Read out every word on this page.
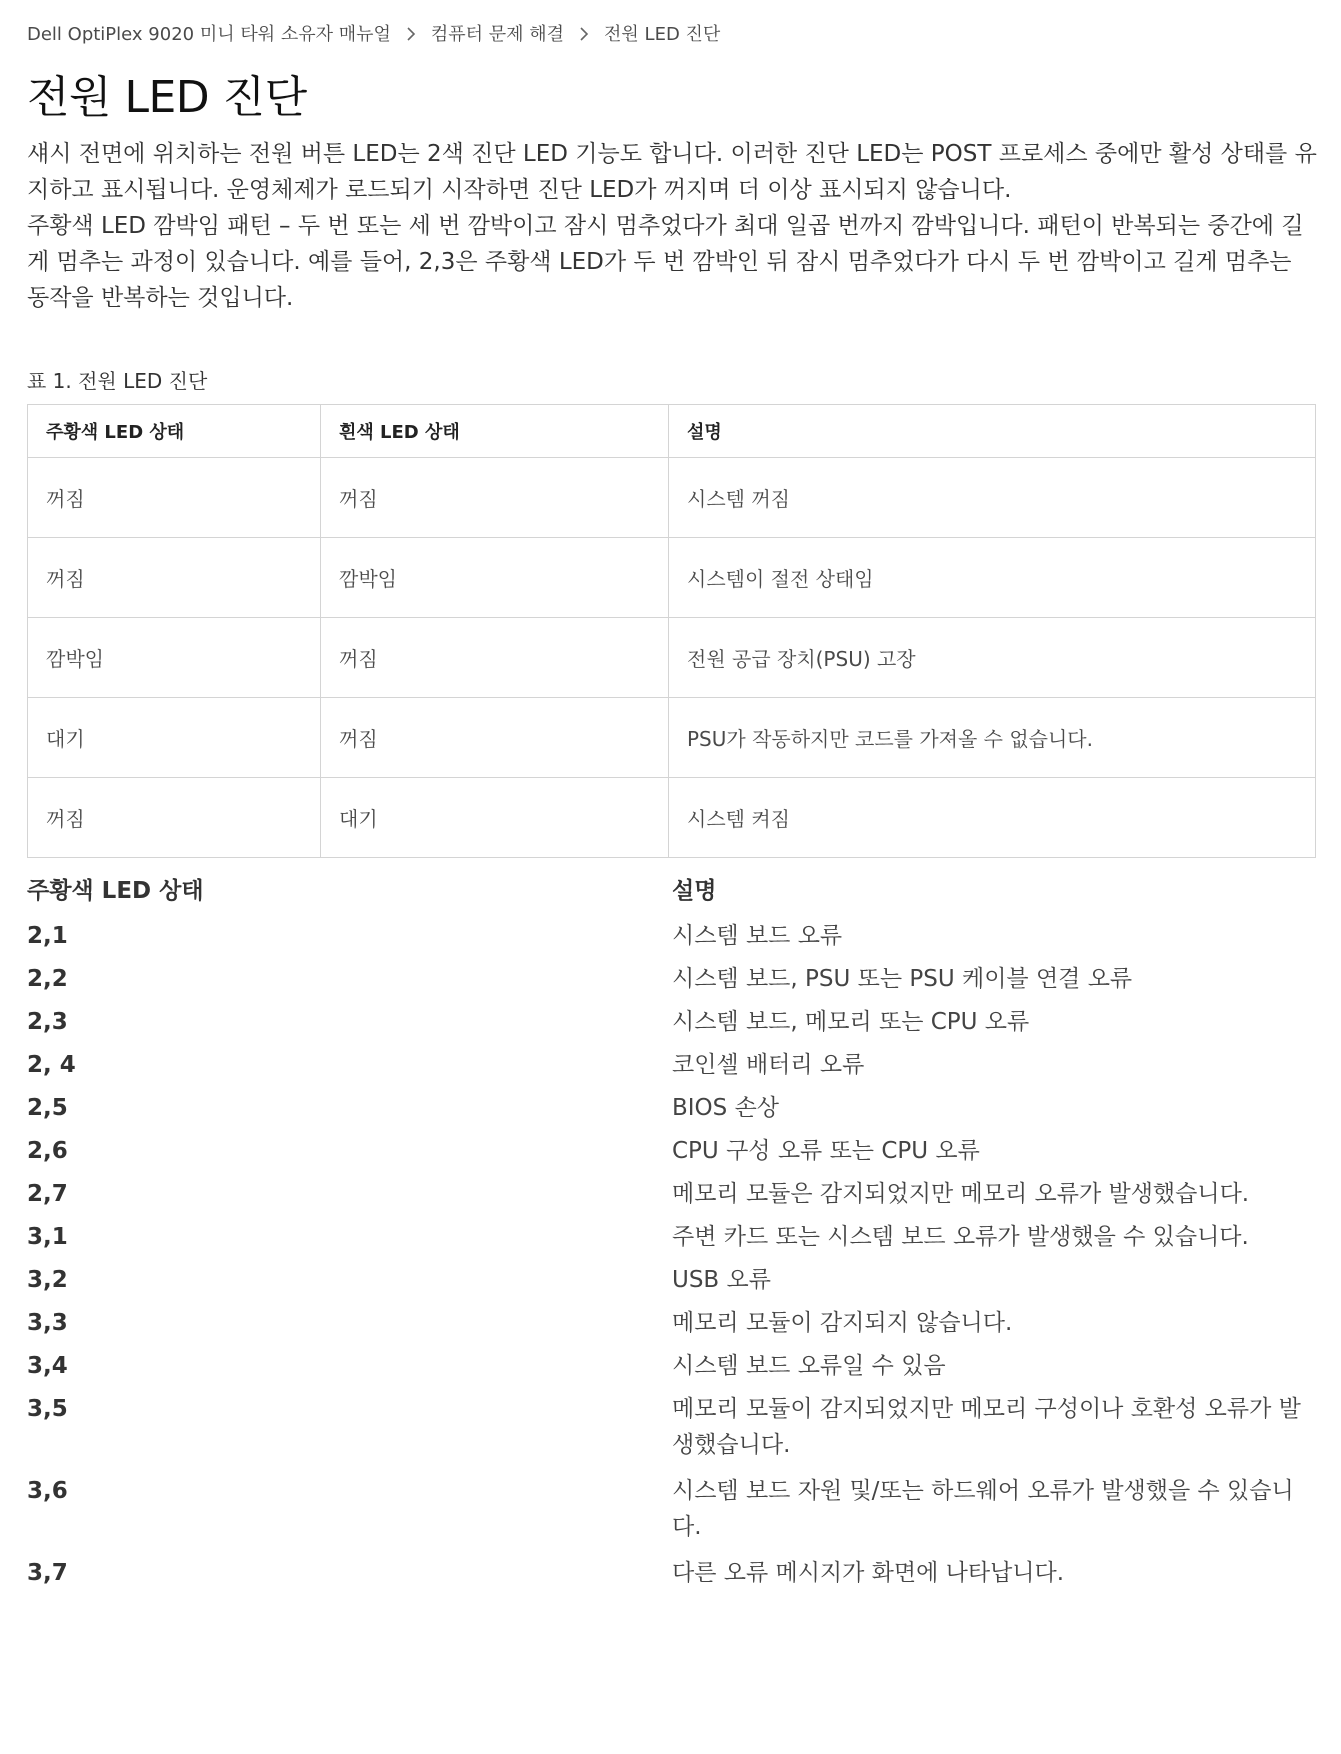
Dell OptiPlex 9020 미니 타워 소유자 매뉴얼 컴퓨터 문제 해결 전원 LED 진단
전원 LED 진단

섀시 전면에 위치하는 전원 버튼 LED는 2색 진단 LED 기능도 합니다. 이러한 진단 LED는 POST 프로세스 중에만 활성 상태를 유지하고 표시됩니다. 운영체제가 로드되기 시작하면 진단 LED가 꺼지며 더 이상 표시되지 않습니다.

주황색 LED 깜박임 패턴 – 두 번 또는 세 번 깜박이고 잠시 멈추었다가 최대 일곱 번까지 깜박입니다. 패턴이 반복되는 중간에 길게 멈추는 과정이 있습니다. 예를 들어, 2,3은 주황색 LED가 두 번 깜박인 뒤 잠시 멈추었다가 다시 두 번 깜박이고 길게 멈추는 동작을 반복하는 것입니다.

표 1. 전원 LED 진단
주황색 LED 상태	흰색 LED 상태	설명
꺼짐	꺼짐	시스템 꺼짐
꺼짐	깜박임	시스템이 절전 상태임
깜박임	꺼짐	전원 공급 장치(PSU) 고장
대기	꺼짐	PSU가 작동하지만 코드를 가져올 수 없습니다.
꺼짐	대기	시스템 켜짐
주황색 LED 상태	설명
2,1	시스템 보드 오류
2,2	시스템 보드, PSU 또는 PSU 케이블 연결 오류
2,3	시스템 보드, 메모리 또는 CPU 오류
2, 4	코인셀 배터리 오류
2,5	BIOS 손상
2,6	CPU 구성 오류 또는 CPU 오류
2,7	메모리 모듈은 감지되었지만 메모리 오류가 발생했습니다.
3,1	주변 카드 또는 시스템 보드 오류가 발생했을 수 있습니다.
3,2	USB 오류
3,3	메모리 모듈이 감지되지 않습니다.
3,4	시스템 보드 오류일 수 있음
3,5	메모리 모듈이 감지되었지만 메모리 구성이나 호환성 오류가 발생했습니다.
3,6	시스템 보드 자원 및/또는 하드웨어 오류가 발생했을 수 있습니다.
3,7	다른 오류 메시지가 화면에 나타납니다.
